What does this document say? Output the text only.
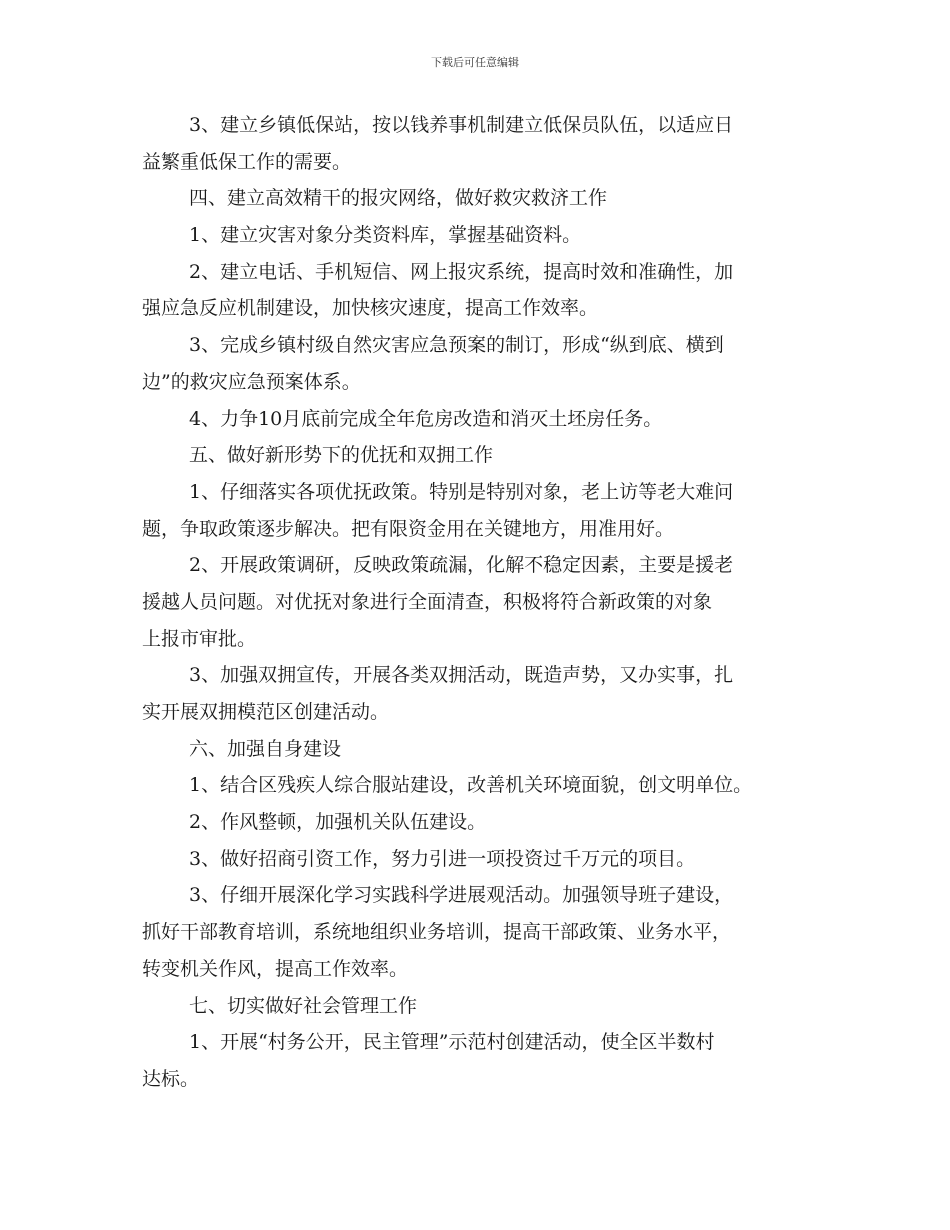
下载后可任意编辑
3、建立乡镇低保站，按以钱养事机制建立低保员队伍，以适应日
益繁重低保工作的需要。
四、建立高效精干的报灾网络，做好救灾救济工作
1、建立灾害对象分类资料库，掌握基础资料。
2、建立电话、手机短信、网上报灾系统，提高时效和准确性，加
强应急反应机制建设，加快核灾速度，提高工作效率。
3、完成乡镇村级自然灾害应急预案的制订，形成“纵到底、横到
边”的救灾应急预案体系。
4、力争10月底前完成全年危房改造和消灭土坯房任务。
五、做好新形势下的优抚和双拥工作
1、仔细落实各项优抚政策。特别是特别对象，老上访等老大难问
题，争取政策逐步解决。把有限资金用在关键地方，用准用好。
2、开展政策调研，反映政策疏漏，化解不稳定因素，主要是援老
援越人员问题。对优抚对象进行全面清查，积极将符合新政策的对象
上报市审批。
3、加强双拥宣传，开展各类双拥活动，既造声势，又办实事，扎
实开展双拥模范区创建活动。
六、加强自身建设
1、结合区残疾人综合服站建设，改善机关环境面貌，创文明单位。
2、作风整顿，加强机关队伍建设。
3、做好招商引资工作，努力引进一项投资过千万元的项目。
3、仔细开展深化学习实践科学进展观活动。加强领导班子建设，
抓好干部教育培训，系统地组织业务培训，提高干部政策、业务水平，
转变机关作风，提高工作效率。
七、切实做好社会管理工作
1、开展“村务公开，民主管理”示范村创建活动，使全区半数村
达标。
